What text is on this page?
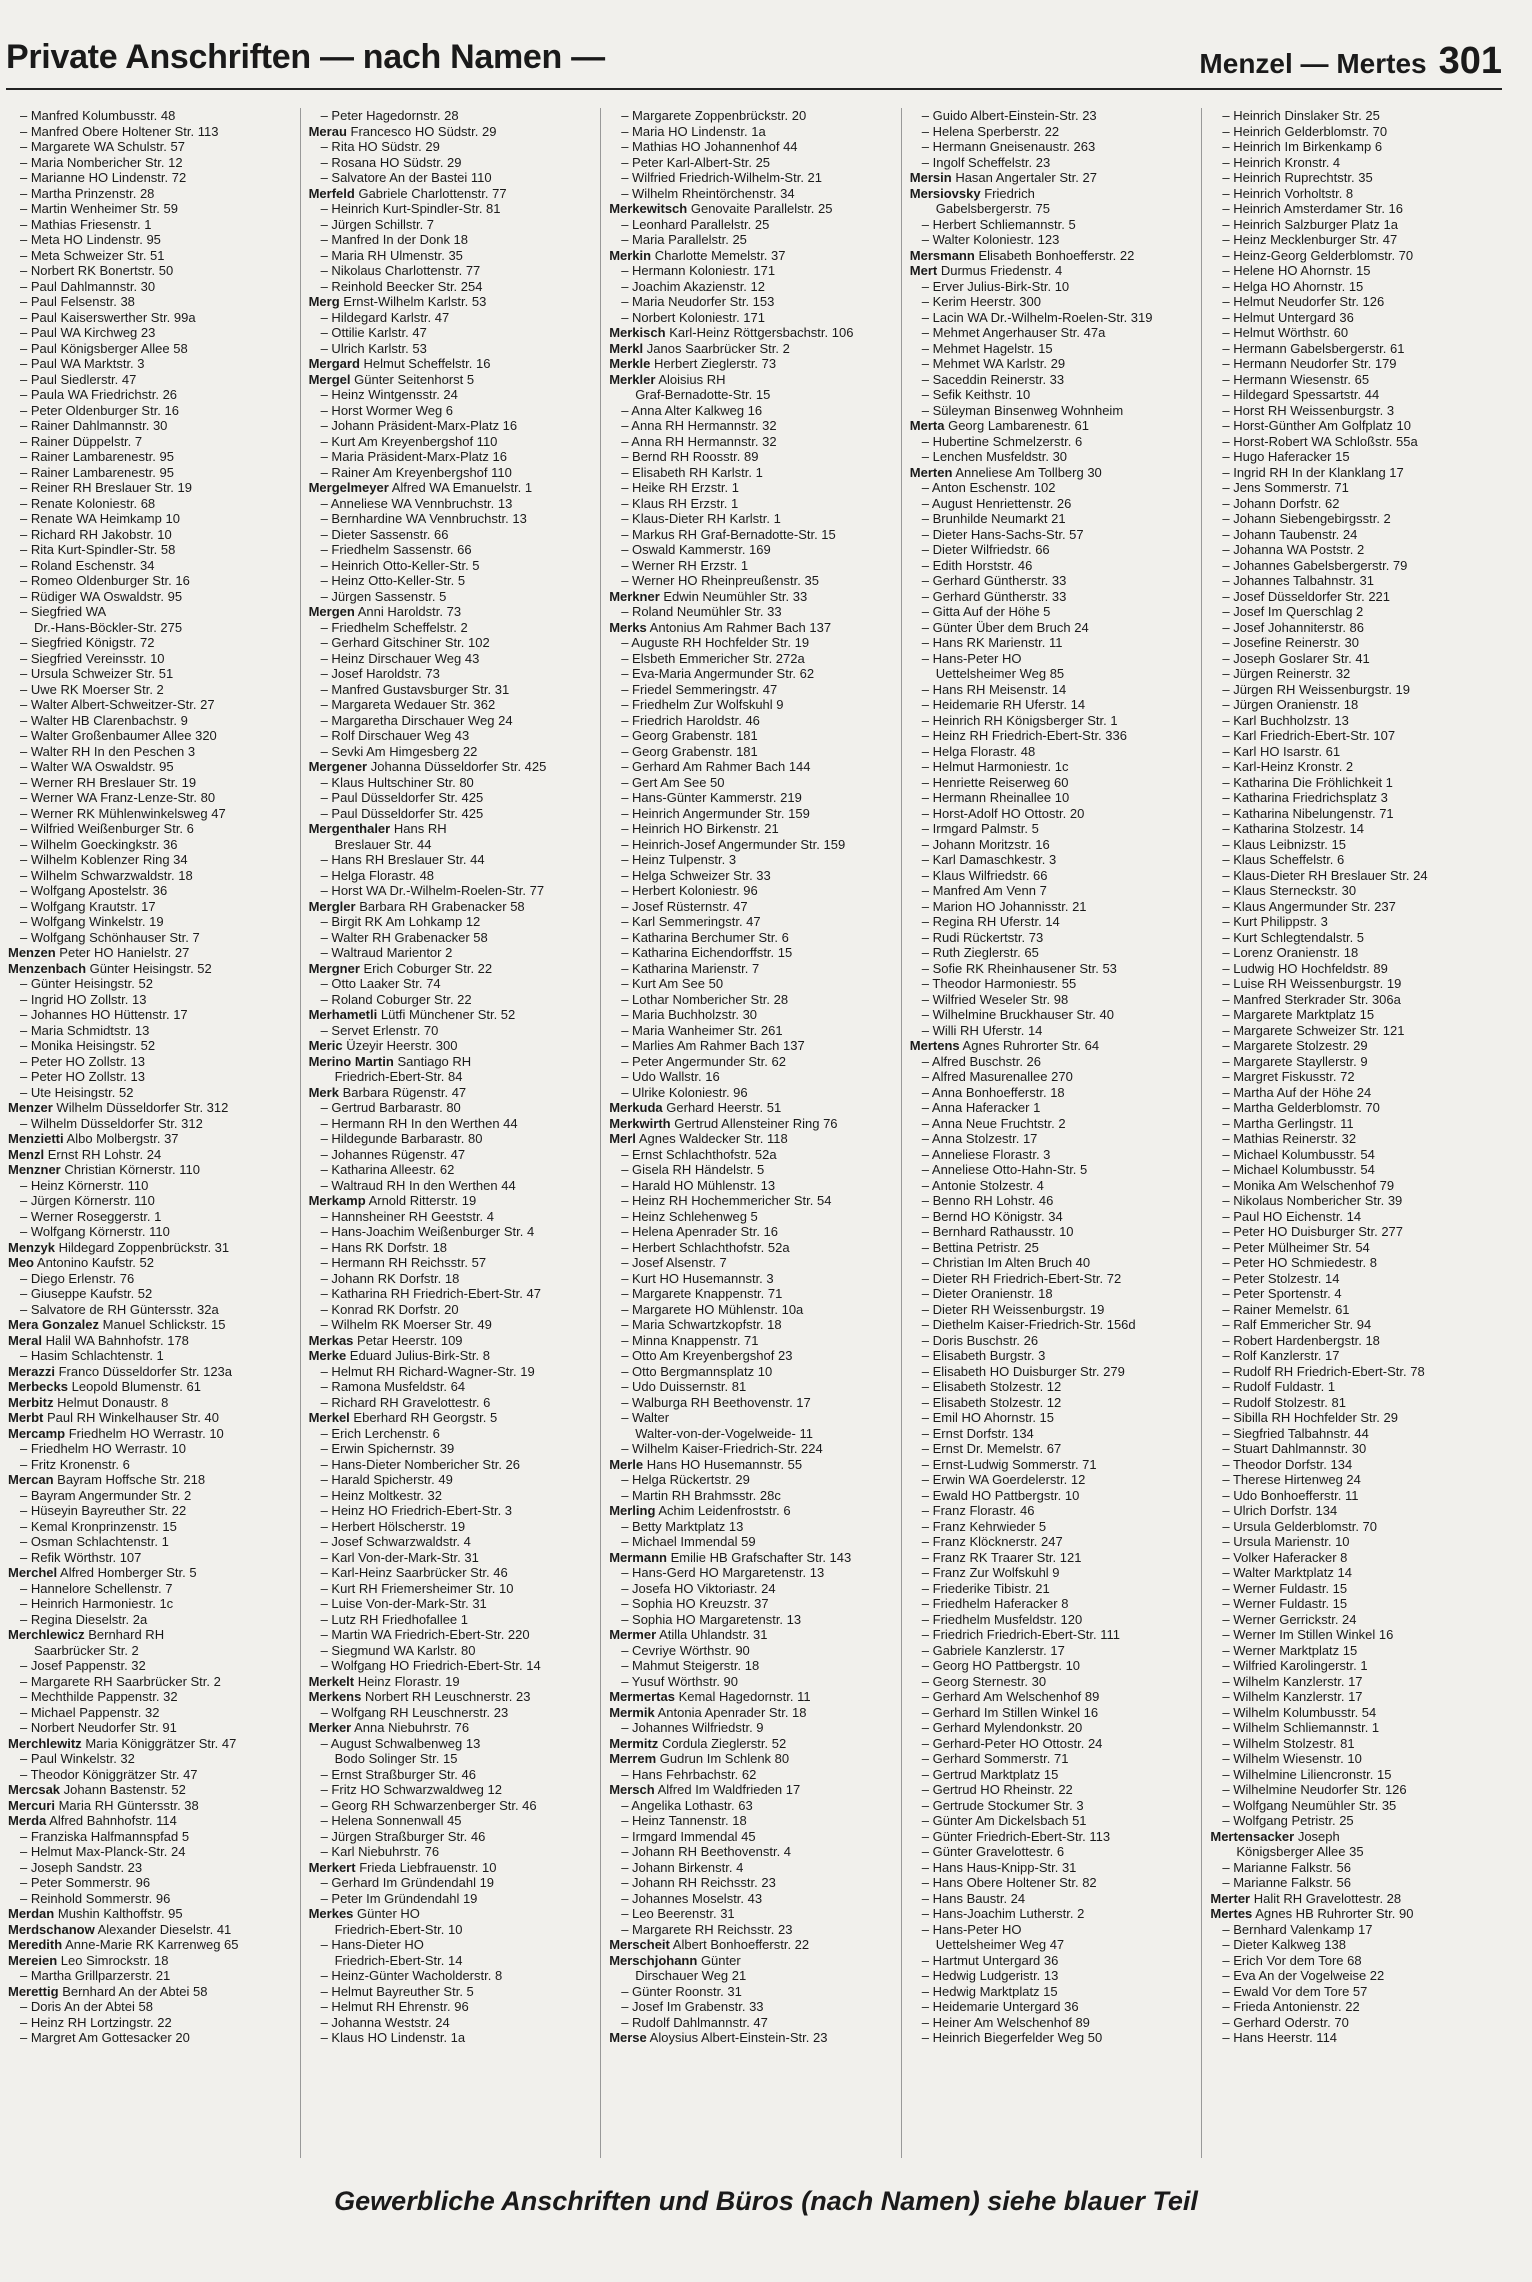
Private Anschriften — nach Namen —	Menzel — Mertes 301
– Manfred Kolumbusstr. 48
– Manfred Obere Holtener Str. 113
– Margarete WA Schulstr. 57
– Maria Nombericher Str. 12
– Marianne HO Lindenstr. 72
– Martha Prinzenstr. 28
– Martin Wenheimer Str. 59
– Mathias Friesenstr. 1
– Meta HO Lindenstr. 95
– Meta Schweizer Str. 51
– Norbert RK Bonertstr. 50
– Paul Dahlmannstr. 30
– Paul Felsenstr. 38
– Paul Kaiserswerther Str. 99a
– Paul WA Kirchweg 23
– Paul Königsberger Allee 58
– Paul WA Marktstr. 3
– Paul Siedlerstr. 47
– Paula WA Friedrichstr. 26
– Peter Oldenburger Str. 16
– Rainer Dahlmannstr. 30
– Rainer Düppelstr. 7
– Rainer Lambarenestr. 95
– Rainer Lambarenestr. 95
– Reiner RH Breslauer Str. 19
– Renate Koloniestr. 68
– Renate WA Heimkamp 10
– Richard RH Jakobstr. 10
– Rita Kurt-Spindler-Str. 58
– Roland Eschenstr. 34
– Romeo Oldenburger Str. 16
– Rüdiger WA Oswaldstr. 95
– Siegfried WA
Dr.-Hans-Böckler-Str. 275
– Siegfried Königstr. 72
– Siegfried Vereinsstr. 10
– Ursula Schweizer Str. 51
– Uwe RK Moerser Str. 2
– Walter Albert-Schweitzer-Str. 27
– Walter HB Clarenbachstr. 9
– Walter Großenbaumer Allee 320
– Walter RH In den Peschen 3
– Walter WA Oswaldstr. 95
– Werner RH Breslauer Str. 19
– Werner WA Franz-Lenze-Str. 80
– Werner RK Mühlenwinkelsweg 47
– Wilfried Weißenburger Str. 6
– Wilhelm Goeckingkstr. 36
– Wilhelm Koblenzer Ring 34
– Wilhelm Schwarzwaldstr. 18
– Wolfgang Apostelstr. 36
– Wolfgang Krautstr. 17
– Wolfgang Winkelstr. 19
– Wolfgang Schönhauser Str. 7
Menzen Peter HO Hanielstr. 27
Menzenbach Günter Heisingstr. 52
– Günter Heisingstr. 52
– Ingrid HO Zollstr. 13
– Johannes HO Hüttenstr. 17
– Maria Schmidtstr. 13
– Monika Heisingstr. 52
– Peter HO Zollstr. 13
– Peter HO Zollstr. 13
– Ute Heisingstr. 52
Menzer Wilhelm Düsseldorfer Str. 312
– Wilhelm Düsseldorfer Str. 312
Menzietti Albo Molbergstr. 37
Menzl Ernst RH Lohstr. 24
Menzner Christian Körnerstr. 110
– Heinz Körnerstr. 110
– Jürgen Körnerstr. 110
– Werner Roseggerstr. 1
– Wolfgang Körnerstr. 110
Menzyk Hildegard Zoppenbrückstr. 31
Meo Antonino Kaufstr. 52
– Diego Erlenstr. 76
– Giuseppe Kaufstr. 52
– Salvatore de RH Güntersstr. 32a
Mera Gonzalez Manuel Schlickstr. 15
Meral Halil WA Bahnhofstr. 178
– Hasim Schlachtenstr. 1
Merazzi Franco Düsseldorfer Str. 123a
Merbecks Leopold Blumenstr. 61
Merbitz Helmut Donaustr. 8
Merbt Paul RH Winkelhauser Str. 40
Mercamp Friedhelm HO Werrastr. 10
– Friedhelm HO Werrastr. 10
– Fritz Kronenstr. 6
Mercan Bayram Hoffsche Str. 218
– Bayram Angermunder Str. 2
– Hüseyin Bayreuther Str. 22
– Kemal Kronprinzenstr. 15
– Osman Schlachtenstr. 1
– Refik Wörthstr. 107
Merchel Alfred Homberger Str. 5
– Hannelore Schellenstr. 7
– Heinrich Harmoniestr. 1c
– Regina Dieselstr. 2a
Merchlewicz Bernhard RH
Saarbrücker Str. 2
– Josef Pappenstr. 32
– Margarete RH Saarbrücker Str. 2
– Mechthilde Pappenstr. 32
– Michael Pappenstr. 32
– Norbert Neudorfer Str. 91
Merchlewitz Maria Königgrätzer Str. 47
– Paul Winkelstr. 32
– Theodor Königgrätzer Str. 47
Mercsak Johann Bastenstr. 52
Mercuri Maria RH Güntersstr. 38
Merda Alfred Bahnhofstr. 114
– Franziska Halfmannspfad 5
– Helmut Max-Planck-Str. 24
– Joseph Sandstr. 23
– Peter Sommerstr. 96
– Reinhold Sommerstr. 96
Merdan Mushin Kalthoffstr. 95
Merdschanow Alexander Dieselstr. 41
Meredith Anne-Marie RK Karrenweg 65
Mereien Leo Simrockstr. 18
– Martha Grillparzerstr. 21
Merettig Bernhard An der Abtei 58
– Doris An der Abtei 58
– Heinz RH Lortzingstr. 22
– Margret Am Gottesacker 20
– Peter Hagedornstr. 28
Merau Francesco HO Südstr. 29
– Rita HO Südstr. 29
– Rosana HO Südstr. 29
– Salvatore An der Bastei 110
Merfeld Gabriele Charlottenstr. 77
– Heinrich Kurt-Spindler-Str. 81
– Jürgen Schillstr. 7
– Manfred In der Donk 18
– Maria RH Ulmenstr. 35
– Nikolaus Charlottenstr. 77
– Reinhold Beecker Str. 254
Merg Ernst-Wilhelm Karlstr. 53
– Hildegard Karlstr. 47
– Ottilie Karlstr. 47
– Ulrich Karlstr. 53
Mergard Helmut Scheffelstr. 16
Mergel Günter Seitenhorst 5
– Heinz Wintgensstr. 24
– Horst Wormer Weg 6
– Johann Präsident-Marx-Platz 16
– Kurt Am Kreyenbergshof 110
– Maria Präsident-Marx-Platz 16
– Rainer Am Kreyenbergshof 110
Mergelmeyer Alfred WA Emanuelstr. 1
– Anneliese WA Vennbruchstr. 13
– Bernhardine WA Vennbruchstr. 13
– Dieter Sassenstr. 66
– Friedhelm Sassenstr. 66
– Heinrich Otto-Keller-Str. 5
– Heinz Otto-Keller-Str. 5
– Jürgen Sassenstr. 5
Mergen Anni Haroldstr. 73
– Friedhelm Scheffelstr. 2
– Gerhard Gitschiner Str. 102
– Heinz Dirschauer Weg 43
– Josef Haroldstr. 73
– Manfred Gustavsburger Str. 31
– Margareta Wedauer Str. 362
– Margaretha Dirschauer Weg 24
– Rolf Dirschauer Weg 43
– Sevki Am Himgesberg 22
Mergener Johanna Düsseldorfer Str. 425
– Klaus Hultschiner Str. 80
– Paul Düsseldorfer Str. 425
– Paul Düsseldorfer Str. 425
Mergenthaler Hans RH
Breslauer Str. 44
– Hans RH Breslauer Str. 44
– Helga Florastr. 48
– Horst WA Dr.-Wilhelm-Roelen-Str. 77
Mergler Barbara RH Grabenacker 58
– Birgit RK Am Lohkamp 12
– Walter RH Grabenacker 58
– Waltraud Marientor 2
Mergner Erich Coburger Str. 22
– Otto Laaker Str. 74
– Roland Coburger Str. 22
Merhametli Lütfi Münchener Str. 52
– Servet Erlenstr. 70
Meric Üzeyir Heerstr. 300
Merino Martin Santiago RH
Friedrich-Ebert-Str. 84
Merk Barbara Rügenstr. 47
– Gertrud Barbarastr. 80
– Hermann RH In den Werthen 44
– Hildegunde Barbarastr. 80
– Johannes Rügenstr. 47
– Katharina Alleestr. 62
– Waltraud RH In den Werthen 44
Merkamp Arnold Ritterstr. 19
– Hannsheiner RH Geeststr. 4
– Hans-Joachim Weißenburger Str. 4
– Hans RK Dorfstr. 18
– Hermann RH Reichsstr. 57
– Johann RK Dorfstr. 18
– Katharina RH Friedrich-Ebert-Str. 47
– Konrad RK Dorfstr. 20
– Wilhelm RK Moerser Str. 49
Merkas Petar Heerstr. 109
Merke Eduard Julius-Birk-Str. 8
– Helmut RH Richard-Wagner-Str. 19
– Ramona Musfeldstr. 64
– Richard RH Gravelottestr. 6
Merkel Eberhard RH Georgstr. 5
– Erich Lerchenstr. 6
– Erwin Spichernstr. 39
– Hans-Dieter Nombericher Str. 26
– Harald Spicherstr. 49
– Heinz Moltkestr. 32
– Heinz HO Friedrich-Ebert-Str. 3
– Herbert Hölscherstr. 19
– Josef Schwarzwaldstr. 4
– Karl Von-der-Mark-Str. 31
– Karl-Heinz Saarbrücker Str. 46
– Kurt RH Friemersheimer Str. 10
– Luise Von-der-Mark-Str. 31
– Lutz RH Friedhofallee 1
– Martin WA Friedrich-Ebert-Str. 220
– Siegmund WA Karlstr. 80
– Wolfgang HO Friedrich-Ebert-Str. 14
Merkelt Heinz Florastr. 19
Merkens Norbert RH Leuschnerstr. 23
– Wolfgang RH Leuschnerstr. 23
Merker Anna Niebuhrstr. 76
– August Schwalbenweg 13
Bodo Solinger Str. 15
– Ernst Straßburger Str. 46
– Fritz HO Schwarzwaldweg 12
– Georg RH Schwarzenberger Str. 46
– Helena Sonnenwall 45
– Jürgen Straßburger Str. 46
– Karl Niebuhrstr. 76
Merkert Frieda Liebfrauenstr. 10
– Gerhard Im Gründendahl 19
– Peter Im Gründendahl 19
Merkes Günter HO
Friedrich-Ebert-Str. 10
– Hans-Dieter HO
Friedrich-Ebert-Str. 14
– Heinz-Günter Wacholderstr. 8
– Helmut Bayreuther Str. 5
– Helmut RH Ehrenstr. 96
– Johanna Weststr. 24
– Klaus HO Lindenstr. 1a
– Margarete Zoppenbrückstr. 20
– Maria HO Lindenstr. 1a
– Mathias HO Johannenhof 44
– Peter Karl-Albert-Str. 25
– Wilfried Friedrich-Wilhelm-Str. 21
– Wilhelm Rheintörchenstr. 34
Merkewitsch Genovaite Parallelstr. 25
– Leonhard Parallelstr. 25
– Maria Parallelstr. 25
Merkin Charlotte Memelstr. 37
– Hermann Koloniestr. 171
– Joachim Akazienstr. 12
– Maria Neudorfer Str. 153
– Norbert Koloniestr. 171
Merkisch Karl-Heinz Röttgersbachstr. 106
Merkl Janos Saarbrücker Str. 2
Merkle Herbert Zieglerstr. 73
Merkler Aloisius RH
Graf-Bernadotte-Str. 15
– Anna Alter Kalkweg 16
– Anna RH Hermannstr. 32
– Anna RH Hermannstr. 32
– Bernd RH Roosstr. 89
– Elisabeth RH Karlstr. 1
– Heike RH Erzstr. 1
– Klaus RH Erzstr. 1
– Klaus-Dieter RH Karlstr. 1
– Markus RH Graf-Bernadotte-Str. 15
– Oswald Kammerstr. 169
– Werner RH Erzstr. 1
– Werner HO Rheinpreußenstr. 35
Merkner Edwin Neumühler Str. 33
– Roland Neumühler Str. 33
Merks Antonius Am Rahmer Bach 137
– Auguste RH Hochfelder Str. 19
– Elsbeth Emmericher Str. 272a
– Eva-Maria Angermunder Str. 62
– Friedel Semmeringstr. 47
– Friedhelm Zur Wolfskuhl 9
– Friedrich Haroldstr. 46
– Georg Grabenstr. 181
– Georg Grabenstr. 181
– Gerhard Am Rahmer Bach 144
– Gert Am See 50
– Hans-Günter Kammerstr. 219
– Heinrich Angermunder Str. 159
– Heinrich HO Birkenstr. 21
– Heinrich-Josef Angermunder Str. 159
– Heinz Tulpenstr. 3
– Helga Schweizer Str. 33
– Herbert Koloniestr. 96
– Josef Rüsternstr. 47
– Karl Semmeringstr. 47
– Katharina Berchumer Str. 6
– Katharina Eichendorffstr. 15
– Katharina Marienstr. 7
– Kurt Am See 50
– Lothar Nombericher Str. 28
– Maria Buchholzstr. 30
– Maria Wanheimer Str. 261
– Marlies Am Rahmer Bach 137
– Peter Angermunder Str. 62
– Udo Wallstr. 16
– Ulrike Koloniestr. 96
Merkuda Gerhard Heerstr. 51
Merkwirth Gertrud Allensteiner Ring 76
Merl Agnes Waldecker Str. 118
– Ernst Schlachthofstr. 52a
– Gisela RH Händelstr. 5
– Harald HO Mühlenstr. 13
– Heinz RH Hochemmericher Str. 54
– Heinz Schlehenweg 5
– Helena Apenrader Str. 16
– Herbert Schlachthofstr. 52a
– Josef Alsenstr. 7
– Kurt HO Husemannstr. 3
– Margarete Knappenstr. 71
– Margarete HO Mühlenstr. 10a
– Maria Schwartzkopfstr. 18
– Minna Knappenstr. 71
– Otto Am Kreyenbergshof 23
– Otto Bergmannsplatz 10
– Udo Duissernstr. 81
– Walburga RH Beethovenstr. 17
– Walter
Walter-von-der-Vogelweide- 11
– Wilhelm Kaiser-Friedrich-Str. 224
Merle Hans HO Husemannstr. 55
– Helga Rückertstr. 29
– Martin RH Brahmsstr. 28c
Merling Achim Leidenfroststr. 6
– Betty Marktplatz 13
– Michael Immendal 59
Mermann Emilie HB Grafschafter Str. 143
– Hans-Gerd HO Margaretenstr. 13
– Josefa HO Viktoriastr. 24
– Sophia HO Kreuzstr. 37
– Sophia HO Margaretenstr. 13
Mermer Atilla Uhlandstr. 31
– Cevriye Wörthstr. 90
– Mahmut Steigerstr. 18
– Yusuf Wörthstr. 90
Mermertas Kemal Hagedornstr. 11
Mermik Antonia Apenrader Str. 18
– Johannes Wilfriedstr. 9
Mermitz Cordula Zieglerstr. 52
Merrem Gudrun Im Schlenk 80
– Hans Fehrbachstr. 62
Mersch Alfred Im Waldfrieden 17
– Angelika Lothastr. 63
– Heinz Tannenstr. 18
– Irmgard Immendal 45
– Johann RH Beethovenstr. 4
– Johann Birkenstr. 4
– Johann RH Reichsstr. 23
– Johannes Moselstr. 43
– Leo Beerenstr. 31
– Margarete RH Reichsstr. 23
Merscheit Albert Bonhoefferstr. 22
Merschjohann Günter
Dirschauer Weg 21
– Günter Roonstr. 31
– Josef Im Grabenstr. 33
– Rudolf Dahlmannstr. 47
Merse Aloysius Albert-Einstein-Str. 23
– Guido Albert-Einstein-Str. 23
– Helena Sperberstr. 22
– Hermann Gneisenaustr. 263
– Ingolf Scheffelstr. 23
Mersin Hasan Angertaler Str. 27
Mersiovsky Friedrich
Gabelsbergerstr. 75
– Herbert Schliemannstr. 5
– Walter Koloniestr. 123
Mersmann Elisabeth Bonhoefferstr. 22
Mert Durmus Friedenstr. 4
– Erver Julius-Birk-Str. 10
– Kerim Heerstr. 300
– Lacin WA Dr.-Wilhelm-Roelen-Str. 319
– Mehmet Angerhauser Str. 47a
– Mehmet Hagelstr. 15
– Mehmet WA Karlstr. 29
– Saceddin Reinerstr. 33
– Sefik Keithstr. 10
– Süleyman Binsenweg Wohnheim
Merta Georg Lambarenestr. 61
– Hubertine Schmelzerstr. 6
– Lenchen Musfeldstr. 30
Merten Anneliese Am Tollberg 30
– Anton Eschenstr. 102
– August Henriettenstr. 26
– Brunhilde Neumarkt 21
– Dieter Hans-Sachs-Str. 57
– Dieter Wilfriedstr. 66
– Edith Horststr. 46
– Gerhard Güntherstr. 33
– Gerhard Güntherstr. 33
– Gitta Auf der Höhe 5
– Günter Über dem Bruch 24
– Hans RK Marienstr. 11
– Hans-Peter HO
Uettelsheimer Weg 85
– Hans RH Meisenstr. 14
– Heidemarie RH Uferstr. 14
– Heinrich RH Königsberger Str. 1
– Heinz RH Friedrich-Ebert-Str. 336
– Helga Florastr. 48
– Helmut Harmoniestr. 1c
– Henriette Reiserweg 60
– Hermann Rheinallee 10
– Horst-Adolf HO Ottostr. 20
– Irmgard Palmstr. 5
– Johann Moritzstr. 16
– Karl Damaschkestr. 3
– Klaus Wilfriedstr. 66
– Manfred Am Venn 7
– Marion HO Johannisstr. 21
– Regina RH Uferstr. 14
– Rudi Rückertstr. 73
– Ruth Zieglerstr. 65
– Sofie RK Rheinhausener Str. 53
– Theodor Harmoniestr. 55
– Wilfried Weseler Str. 98
– Wilhelmine Bruckhauser Str. 40
– Willi RH Uferstr. 14
Mertens Agnes Ruhrorter Str. 64
– Alfred Buschstr. 26
– Alfred Masurenallee 270
– Anna Bonhoefferstr. 18
– Anna Haferacker 1
– Anna Neue Fruchtstr. 2
– Anna Stolzestr. 17
– Anneliese Florastr. 3
– Anneliese Otto-Hahn-Str. 5
– Antonie Stolzestr. 4
– Benno RH Lohstr. 46
– Bernd HO Königstr. 34
– Bernhard Rathausstr. 10
– Bettina Petristr. 25
– Christian Im Alten Bruch 40
– Dieter RH Friedrich-Ebert-Str. 72
– Dieter Oranienstr. 18
– Dieter RH Weissenburgstr. 19
– Diethelm Kaiser-Friedrich-Str. 156d
– Doris Buschstr. 26
– Elisabeth Burgstr. 3
– Elisabeth HO Duisburger Str. 279
– Elisabeth Stolzestr. 12
– Elisabeth Stolzestr. 12
– Emil HO Ahornstr. 15
– Ernst Dorfstr. 134
– Ernst Dr. Memelstr. 67
– Ernst-Ludwig Sommerstr. 71
– Erwin WA Goerdelerstr. 12
– Ewald HO Pattbergstr. 10
– Franz Florastr. 46
– Franz Kehrwieder 5
– Franz Klöcknerstr. 247
– Franz RK Traarer Str. 121
– Franz Zur Wolfskuhl 9
– Friederike Tibistr. 21
– Friedhelm Haferacker 8
– Friedhelm Musfeldstr. 120
– Friedrich Friedrich-Ebert-Str. 111
– Gabriele Kanzlerstr. 17
– Georg HO Pattbergstr. 10
– Georg Sternestr. 30
– Gerhard Am Welschenhof 89
– Gerhard Im Stillen Winkel 16
– Gerhard Mylendonkstr. 20
– Gerhard-Peter HO Ottostr. 24
– Gerhard Sommerstr. 71
– Gertrud Marktplatz 15
– Gertrud HO Rheinstr. 22
– Gertrude Stockumer Str. 3
– Günter Am Dickelsbach 51
– Günter Friedrich-Ebert-Str. 113
– Günter Gravelottestr. 6
– Hans Haus-Knipp-Str. 31
– Hans Obere Holtener Str. 82
– Hans Baustr. 24
– Hans-Joachim Lutherstr. 2
– Hans-Peter HO
Uettelsheimer Weg 47
– Hartmut Untergard 36
– Hedwig Ludgeristr. 13
– Hedwig Marktplatz 15
– Heidemarie Untergard 36
– Heiner Am Welschenhof 89
– Heinrich Biegerfelder Weg 50
– Heinrich Dinslaker Str. 25
– Heinrich Gelderblomstr. 70
– Heinrich Im Birkenkamp 6
– Heinrich Kronstr. 4
– Heinrich Ruprechtstr. 35
– Heinrich Vorholtstr. 8
– Heinrich Amsterdamer Str. 16
– Heinrich Salzburger Platz 1a
– Heinz Mecklenburger Str. 47
– Heinz-Georg Gelderblomstr. 70
– Helene HO Ahornstr. 15
– Helga HO Ahornstr. 15
– Helmut Neudorfer Str. 126
– Helmut Untergard 36
– Helmut Wörthstr. 60
– Hermann Gabelsbergerstr. 61
– Hermann Neudorfer Str. 179
– Hermann Wiesenstr. 65
– Hildegard Spessartstr. 44
– Horst RH Weissenburgstr. 3
– Horst-Günther Am Golfplatz 10
– Horst-Robert WA Schloßstr. 55a
– Hugo Haferacker 15
– Ingrid RH In der Klanklang 17
– Jens Sommerstr. 71
– Johann Dorfstr. 62
– Johann Siebengebirgsstr. 2
– Johann Taubenstr. 24
– Johanna WA Poststr. 2
– Johannes Gabelsbergerstr. 79
– Johannes Talbahnstr. 31
– Josef Düsseldorfer Str. 221
– Josef Im Querschlag 2
– Josef Johanniterstr. 86
– Josefine Reinerstr. 30
– Joseph Goslarer Str. 41
– Jürgen Reinerstr. 32
– Jürgen RH Weissenburgstr. 19
– Jürgen Oranienstr. 18
– Karl Buchholzstr. 13
– Karl Friedrich-Ebert-Str. 107
– Karl HO Isarstr. 61
– Karl-Heinz Kronstr. 2
– Katharina Die Fröhlichkeit 1
– Katharina Friedrichsplatz 3
– Katharina Nibelungenstr. 71
– Katharina Stolzestr. 14
– Klaus Leibnizstr. 15
– Klaus Scheffelstr. 6
– Klaus-Dieter RH Breslauer Str. 24
– Klaus Sterneckstr. 30
– Klaus Angermunder Str. 237
– Kurt Philippstr. 3
– Kurt Schlegtendalstr. 5
– Lorenz Oranienstr. 18
– Ludwig HO Hochfeldstr. 89
– Luise RH Weissenburgstr. 19
– Manfred Sterkrader Str. 306a
– Margarete Marktplatz 15
– Margarete Schweizer Str. 121
– Margarete Stolzestr. 29
– Margarete Stayllerstr. 9
– Margret Fiskusstr. 72
– Martha Auf der Höhe 24
– Martha Gelderblomstr. 70
– Martha Gerlingstr. 11
– Mathias Reinerstr. 32
– Michael Kolumbusstr. 54
– Michael Kolumbusstr. 54
– Monika Am Welschenhof 79
– Nikolaus Nombericher Str. 39
– Paul HO Eichenstr. 14
– Peter HO Duisburger Str. 277
– Peter Mülheimer Str. 54
– Peter HO Schmiedestr. 8
– Peter Stolzestr. 14
– Peter Sportenstr. 4
– Rainer Memelstr. 61
– Ralf Emmericher Str. 94
– Robert Hardenbergstr. 18
– Rolf Kanzlerstr. 17
– Rudolf RH Friedrich-Ebert-Str. 78
– Rudolf Fuldastr. 1
– Rudolf Stolzestr. 81
– Sibilla RH Hochfelder Str. 29
– Siegfried Talbahnstr. 44
– Stuart Dahlmannstr. 30
– Theodor Dorfstr. 134
– Therese Hirtenweg 24
– Udo Bonhoefferstr. 11
– Ulrich Dorfstr. 134
– Ursula Gelderblomstr. 70
– Ursula Marienstr. 10
– Volker Haferacker 8
– Walter Marktplatz 14
– Werner Fuldastr. 15
– Werner Fuldastr. 15
– Werner Gerrickstr. 24
– Werner Im Stillen Winkel 16
– Werner Marktplatz 15
– Wilfried Karolingerstr. 1
– Wilhelm Kanzlerstr. 17
– Wilhelm Kanzlerstr. 17
– Wilhelm Kolumbusstr. 54
– Wilhelm Schliemannstr. 1
– Wilhelm Stolzestr. 81
– Wilhelm Wiesenstr. 10
– Wilhelmine Liliencronstr. 15
– Wilhelmine Neudorfer Str. 126
– Wolfgang Neumühler Str. 35
– Wolfgang Petristr. 25
Mertensacker Joseph
Königsberger Allee 35
– Marianne Falkstr. 56
– Marianne Falkstr. 56
Merter Halit RH Gravelottestr. 28
Mertes Agnes HB Ruhrorter Str. 90
– Bernhard Valenkamp 17
– Dieter Kalkweg 138
– Erich Vor dem Tore 68
– Eva An der Vogelweise 22
– Ewald Vor dem Tore 57
– Frieda Antonienstr. 22
– Gerhard Oderstr. 70
– Hans Heerstr. 114
Gewerbliche Anschriften und Büros (nach Namen) siehe blauer Teil
